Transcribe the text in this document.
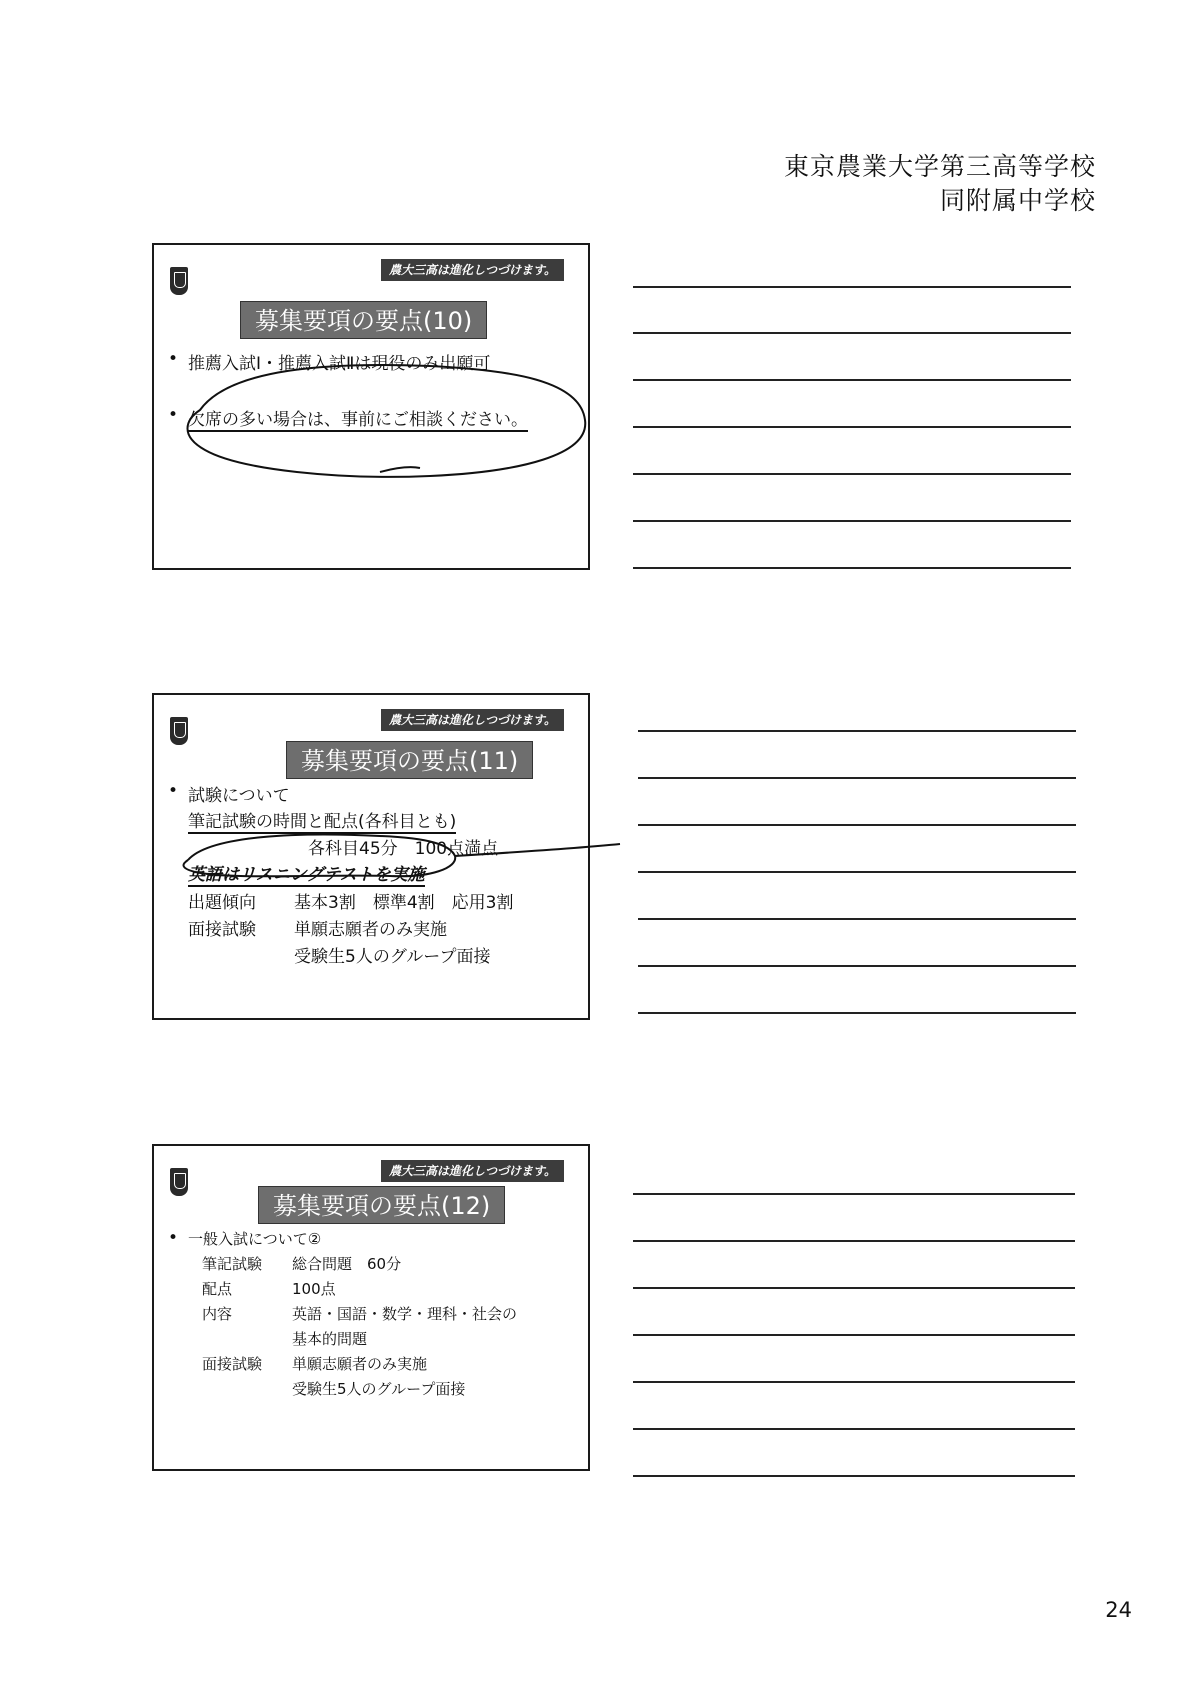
東京農業大学第三高等学校
同附属中学校
農大三高は進化しつづけます。
募集要項の要点(10)
• 推薦入試Ⅰ・推薦入試Ⅱは現役のみ出願可
• 欠席の多い場合は、事前にご相談ください。
農大三高は進化しつづけます。
募集要項の要点(11)
• 試験について
筆記試験の時間と配点(各科目とも)
各科目45分　100点満点
英語はリスニングテストを実施
出題傾向 基本3割　標準4割　応用3割
面接試験 単願志願者のみ実施
受験生5人のグループ面接
農大三高は進化しつづけます。
募集要項の要点(12)
• 一般入試について②
筆記試験 総合問題　60分
配点	100点
内容	英語・国語・数学・理科・社会の
基本的問題
面接試験 単願志願者のみ実施
受験生5人のグループ面接
24
